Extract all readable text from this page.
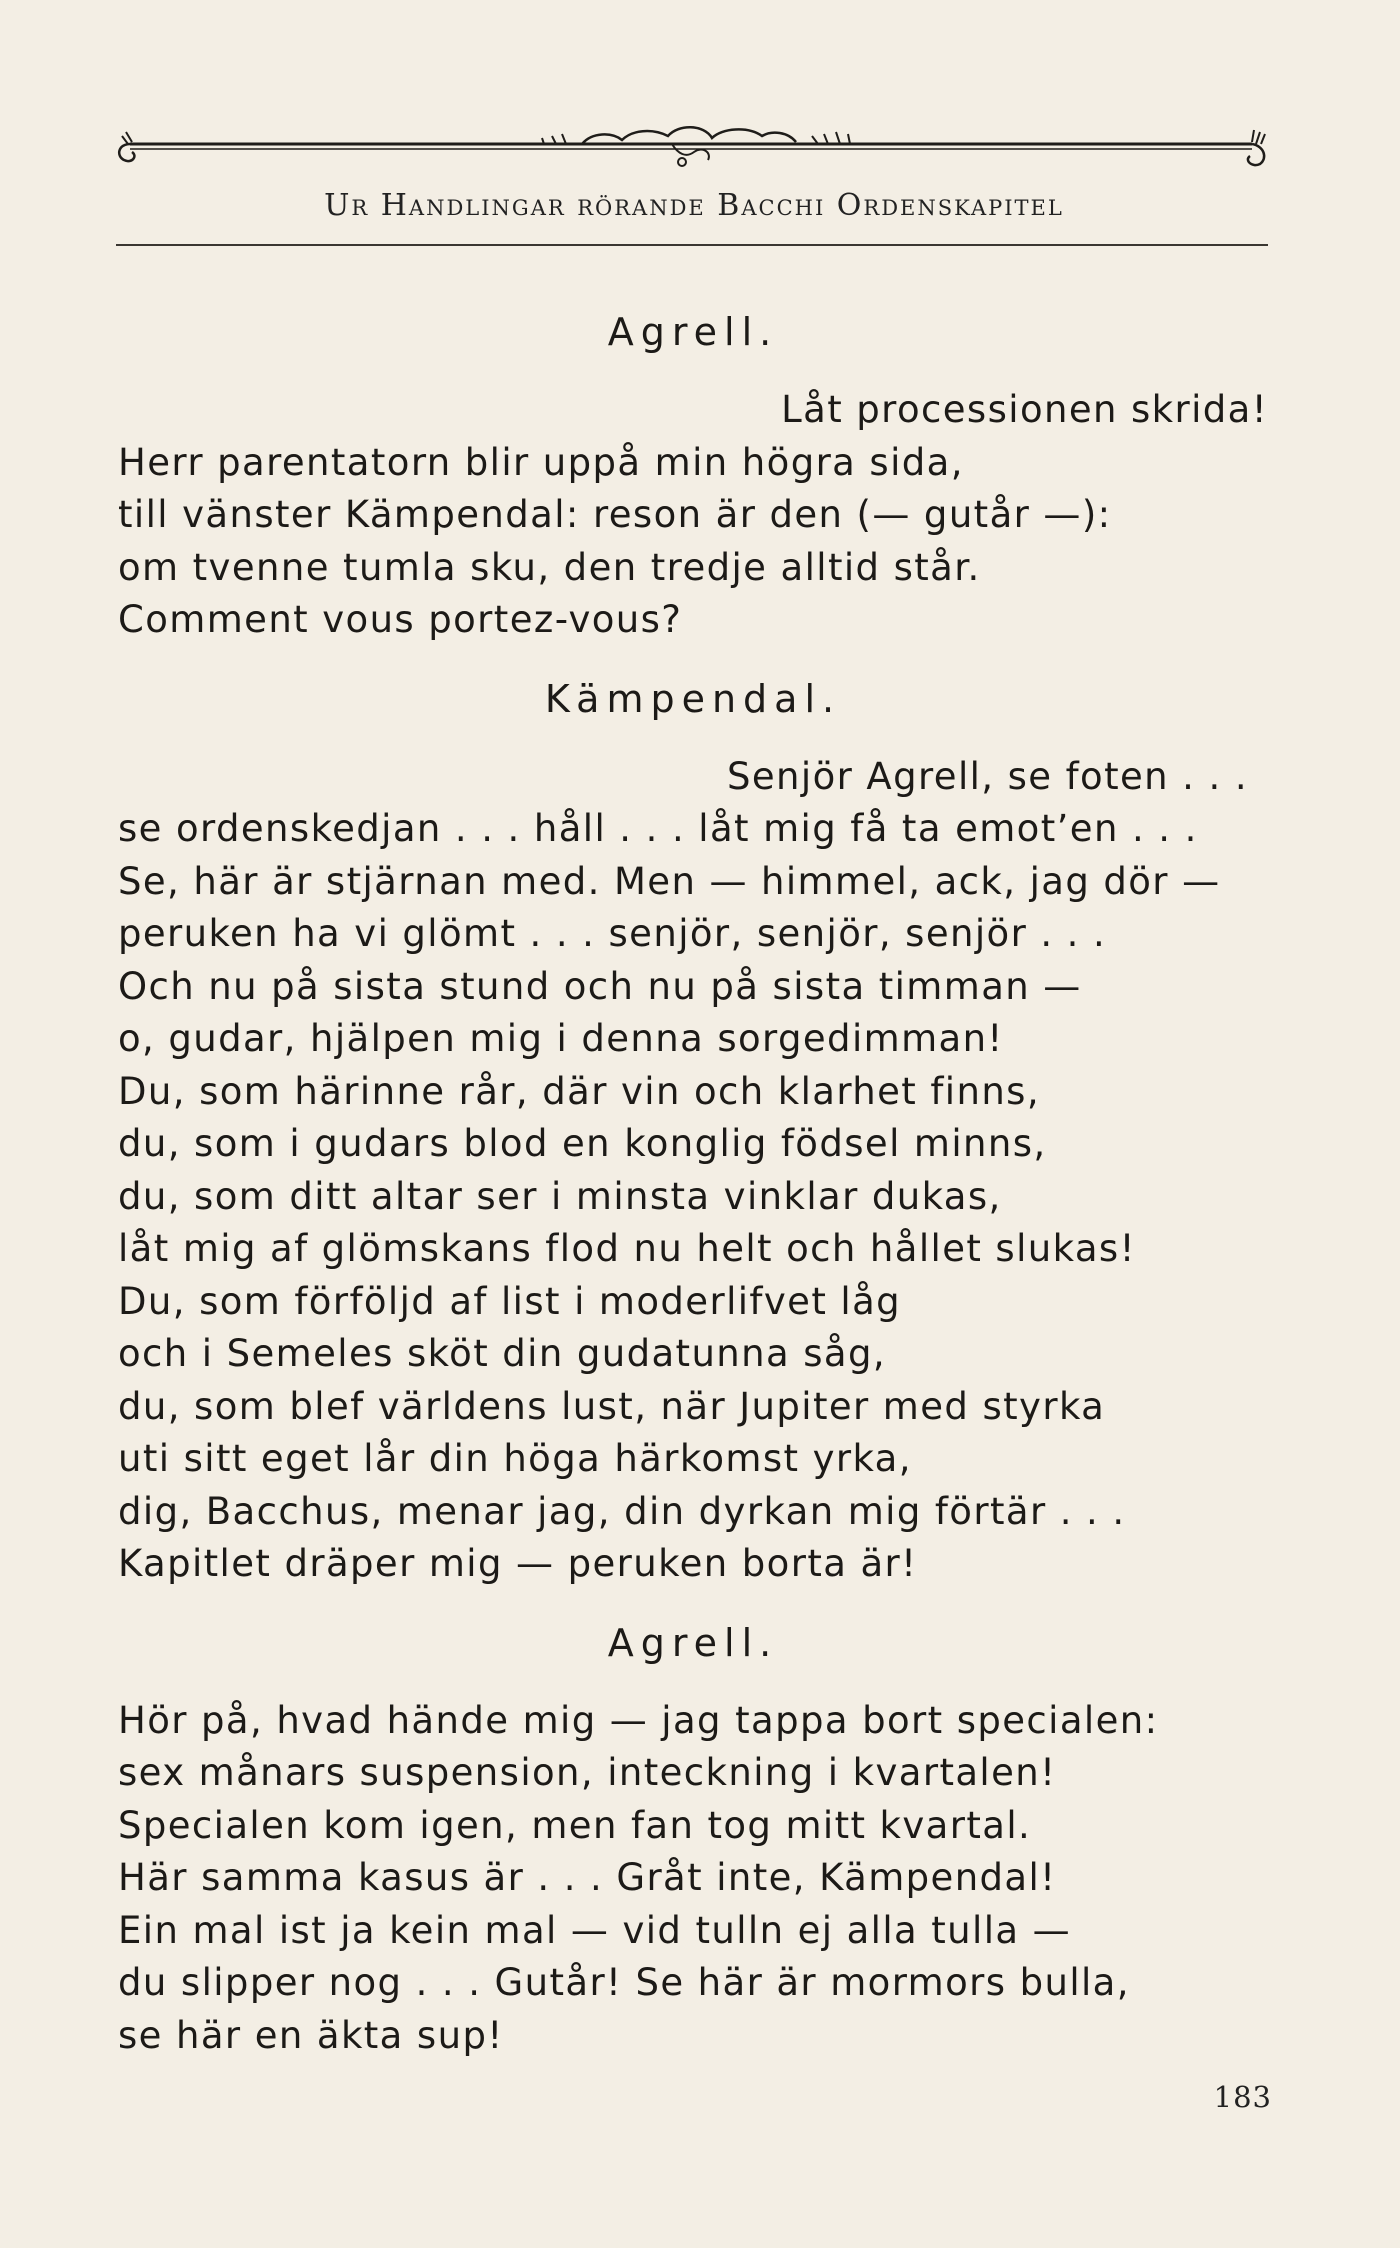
Ur Handlingar rörande Bacchi Ordenskapitel
Agrell.
Låt processionen skrida!
Herr parentatorn blir uppå min högra sida,
till vänster Kämpendal: reson är den (— gutår —):
om tvenne tumla sku, den tredje alltid står.
Comment vous portez-vous?
Kämpendal.
Senjör Agrell, se foten . . .
se ordenskedjan . . . håll . . . låt mig få ta emot’en . . .
Se, här är stjärnan med. Men — himmel, ack, jag dör —
peruken ha vi glömt . . . senjör, senjör, senjör . . .
Och nu på sista stund och nu på sista timman —
o, gudar, hjälpen mig i denna sorgedimman!
Du, som härinne rår, där vin och klarhet finns,
du, som i gudars blod en konglig födsel minns,
du, som ditt altar ser i minsta vinklar dukas,
låt mig af glömskans flod nu helt och hållet slukas!
Du, som förföljd af list i moderlifvet låg
och i Semeles sköt din gudatunna såg,
du, som blef världens lust, när Jupiter med styrka
uti sitt eget lår din höga härkomst yrka,
dig, Bacchus, menar jag, din dyrkan mig förtär . . .
Kapitlet dräper mig — peruken borta är!
Agrell.
Hör på, hvad hände mig — jag tappa bort specialen:
sex månars suspension, inteckning i kvartalen!
Specialen kom igen, men fan tog mitt kvartal.
Här samma kasus är . . . Gråt inte, Kämpendal!
Ein mal ist ja kein mal — vid tulln ej alla tulla —
du slipper nog . . . Gutår! Se här är mormors bulla,
se här en äkta sup!
183
